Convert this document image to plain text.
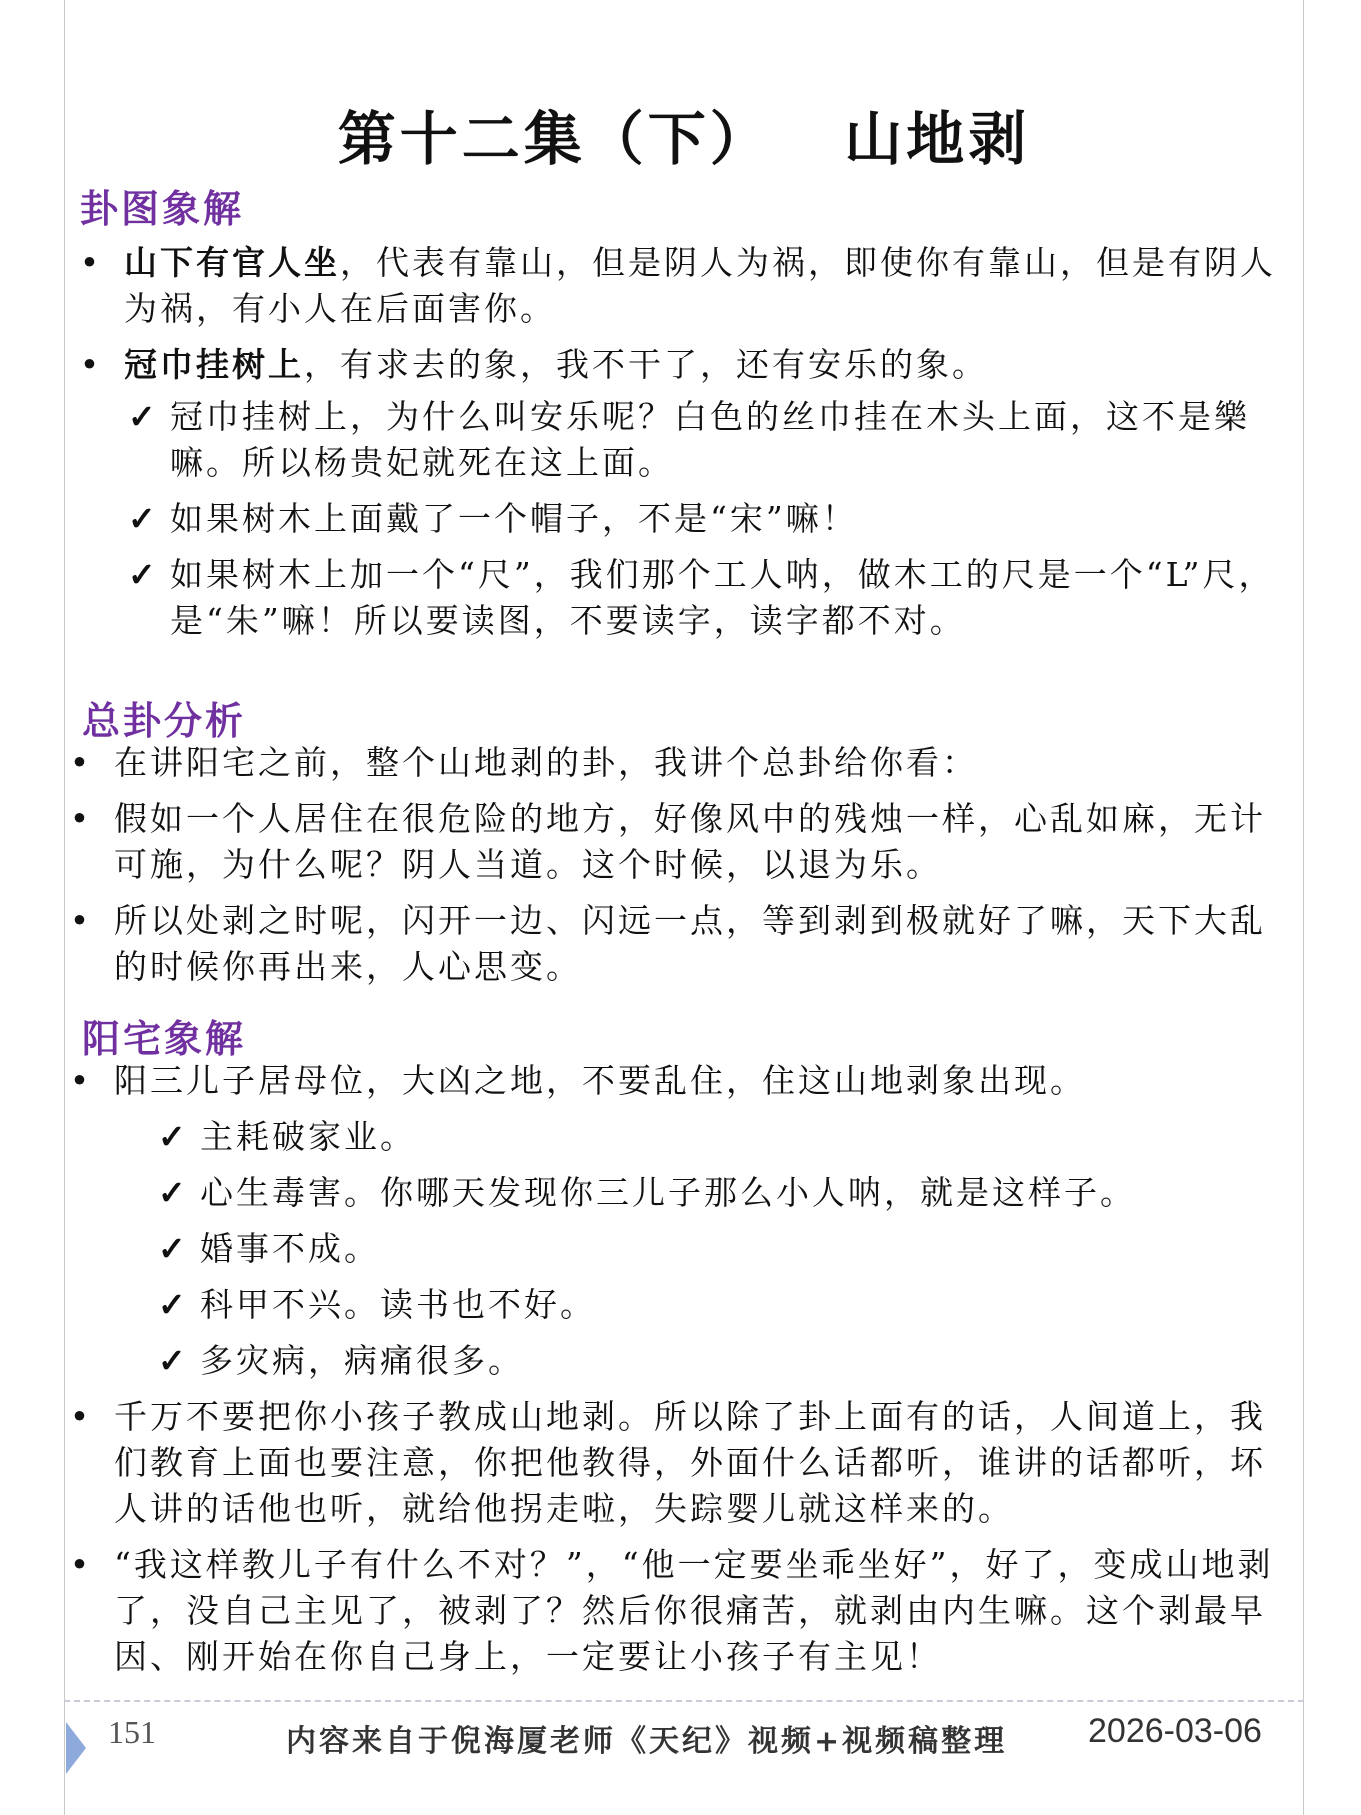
第十二集（下）   山地剥
卦图象解
• 山下有官人坐，代表有靠山，但是阴人为祸，即使你有靠山，但是有阴人为祸，有小人在后面害你。
• 冠巾挂树上，有求去的象，我不干了，还有安乐的象。
✓ 冠巾挂树上，为什么叫安乐呢？白色的丝巾挂在木头上面，这不是樂嘛。所以杨贵妃就死在这上面。
✓ 如果树木上面戴了一个帽子，不是“宋”嘛！
✓ 如果树木上加一个“尺”，我们那个工人呐，做木工的尺是一个“L”尺，是“朱”嘛！所以要读图，不要读字，读字都不对。
总卦分析
• 在讲阳宅之前，整个山地剥的卦，我讲个总卦给你看：
• 假如一个人居住在很危险的地方，好像风中的残烛一样，心乱如麻，无计可施，为什么呢？阴人当道。这个时候，以退为乐。
• 所以处剥之时呢，闪开一边、闪远一点，等到剥到极就好了嘛，天下大乱的时候你再出来，人心思变。
阳宅象解
• 阳三儿子居母位，大凶之地，不要乱住，住这山地剥象出现。
✓ 主耗破家业。
✓ 心生毒害。你哪天发现你三儿子那么小人呐，就是这样子。
✓ 婚事不成。
✓ 科甲不兴。读书也不好。
✓ 多灾病，病痛很多。
• 千万不要把你小孩子教成山地剥。所以除了卦上面有的话，人间道上，我们教育上面也要注意，你把他教得，外面什么话都听，谁讲的话都听，坏人讲的话他也听，就给他拐走啦，失踪婴儿就这样来的。
• “我这样教儿子有什么不对？”，“他一定要坐乖坐好”，好了，变成山地剥了，没自己主见了，被剥了？然后你很痛苦，就剥由内生嘛。这个剥最早因、刚开始在你自己身上，一定要让小孩子有主见！
151	内容来自于倪海厦老师《天纪》视频+视频稿整理 2026-03-06
